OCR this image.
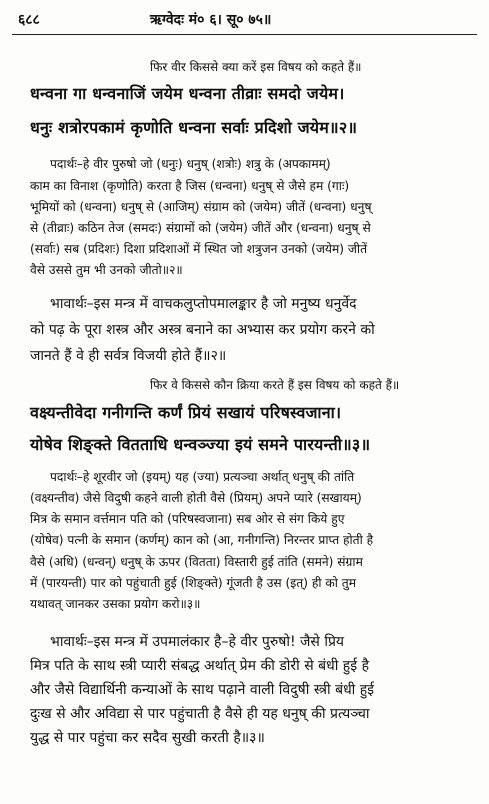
६८८	ऋग्वेदः मं० ६। सू० ७५॥
फिर वीर किससे क्या करें इस विषय को कहते हैं॥
धन्वना गा धन्वनाजिं जयेम धन्वना तीव्राः समदो जयेम।
धनुः शत्रोरपकामं कृणोति धन्वना सर्वाः प्रदिशो जयेम॥२॥
पदार्थः–हे वीर पुरुषो जो (धनुः) धनुष् (शत्रोः) शत्रु के (अपकामम्)
काम का विनाश (कृणोति) करता है जिस (धन्वना) धनुष् से जैसे हम (गाः)
भूमियों को (धन्वना) धनुष् से (आजिम्) संग्राम को (जयेम) जीतें (धन्वना) धनुष्
से (तीव्राः) कठिन तेज (समदः) संग्रामों को (जयेम) जीतें और (धन्वना) धनुष् से
(सर्वाः) सब (प्रदिशः) दिशा प्रदिशाओं में स्थित जो शत्रुजन उनको (जयेम) जीतें
वैसे उससे तुम भी उनको जीतो॥२॥
भावार्थः–इस मन्त्र में वाचकलुप्तोपमालङ्कार है जो मनुष्य धनुर्वेद
को पढ़ के पूरा शस्त्र और अस्त्र बनाने का अभ्यास कर प्रयोग करने को
जानते हैं वे ही सर्वत्र विजयी होते हैं॥२॥
फिर वे किससे कौन क्रिया करते हैं इस विषय को कहते हैं॥
वक्ष्यन्तीवेदा गनीगन्ति कर्णं प्रियं सखायं परिषस्वजाना।
योषेव शिङ्क्ते वितताधि धन्वञ्ज्या इयं समने पारयन्ती॥३॥
पदार्थः–हे शूरवीर जो (इयम्) यह (ज्या) प्रत्यञ्चा अर्थात् धनुष् की तांति
(वक्ष्यन्तीव) जैसे विदुषी कहने वाली होती वैसे (प्रियम्) अपने प्यारे (सखायम्)
मित्र के समान वर्त्तमान पति को (परिषस्वजाना) सब ओर से संग किये हुए
(योषेव) पत्नी के समान (कर्णम्) कान को (आ, गनीगन्ति) निरन्तर प्राप्त होती है
वैसे (अधि) (धन्वन्) धनुष् के ऊपर (वितता) विस्तारी हुई तांति (समने) संग्राम
में (पारयन्ती) पार को पहुंचाती हुई (शिङ्क्ते) गूंजती है उस (इत्) ही को तुम
यथावत् जानकर उसका प्रयोग करो॥३॥
भावार्थः–इस मन्त्र में उपमालंकार है–हे वीर पुरुषो! जैसे प्रिय
मित्र पति के साथ स्त्री प्यारी संबद्ध अर्थात् प्रेम की डोरी से बंधी हुई है
और जैसे विद्यार्थिनी कन्याओं के साथ पढ़ाने वाली विदुषी स्त्री बंधी हुई
दुःख से और अविद्या से पार पहुंचाती है वैसे ही यह धनुष् की प्रत्यञ्चा
युद्ध से पार पहुंचा कर सदैव सुखी करती है॥३॥
